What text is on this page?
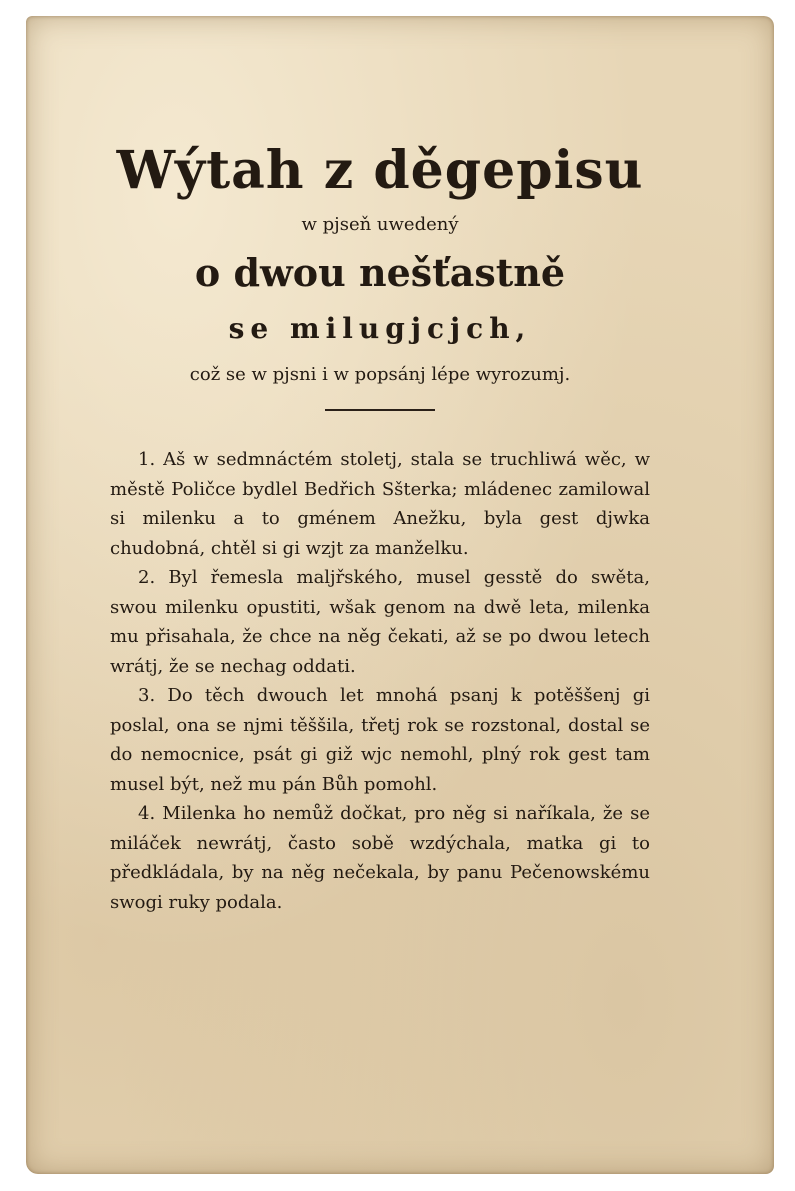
Wýtah z děgepisu
w pjseň uwedený
o dwou nešťastně
se milugjcjch,
což se w pjsni i w popsánj lépe wyrozumj.

1. Aš w sedmnáctém stoletj, stala se truchliwá wěc, w městě Poličce bydlel Bedřich Sšterka; mládenec zamilowal si milenku a to gménem Anežku, byla gest djwka chudobná, chtěl si gi wzjt za manželku.

2. Byl řemesla maljřského, musel gesstě do swěta, swou milenku opustiti, wšak genom na dwě leta, milenka mu přisahala, že chce na něg čekati, až se po dwou letech wrátj, že se nechag oddati.

3. Do těch dwouch let mnohá psanj k potěššenj gi poslal, ona se njmi těššila, třetj rok se rozstonal, dostal se do nemocnice, psát gi giž wjc nemohl, plný rok gest tam musel být, než mu pán Bůh pomohl.

4. Milenka ho nemůž dočkat, pro něg si naříkala, že se miláček newrátj, často sobě wzdýchala, matka gi to předkládala, by na něg nečekala, by panu Pečenowskému swogi ruky podala.
